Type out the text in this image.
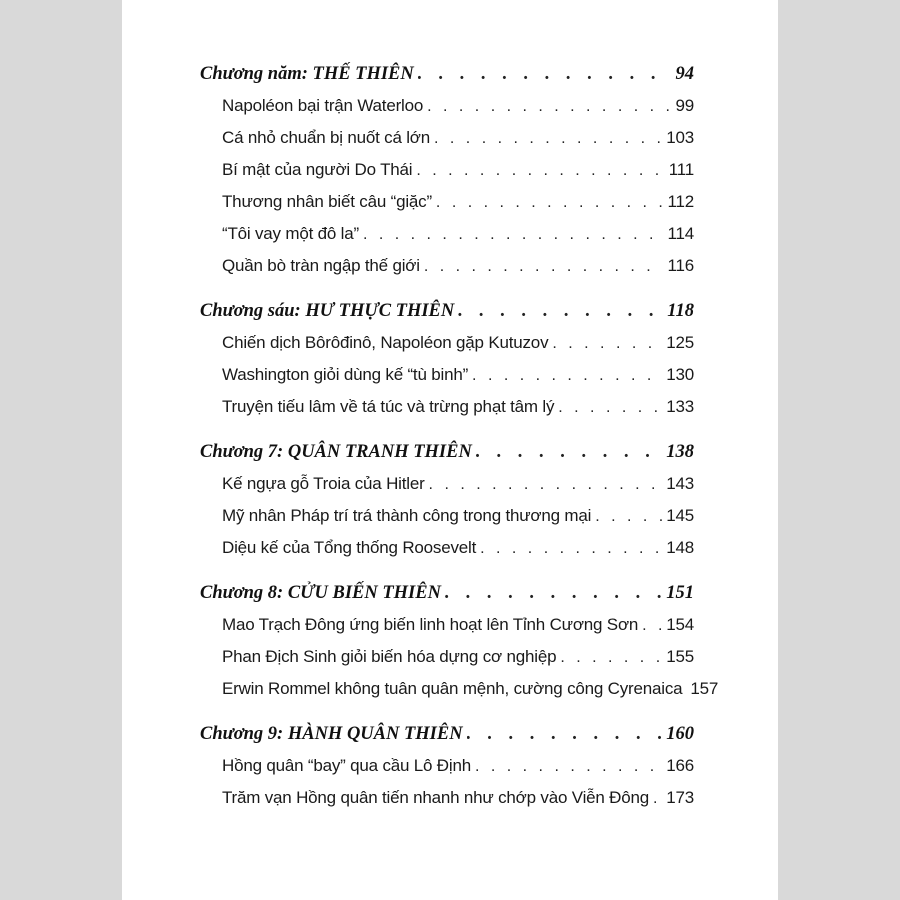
Chương năm: THẾ THIÊN . . .	94
Napoléon bại trận Waterloo . . .	99
Cá nhỏ chuẩn bị nuốt cá lớn . . .	103
Bí mật của người Do Thái . . .	111
Thương nhân biết câu “giặc” . . .	112
“Tôi vay một đô la” . . .	114
Quần bò tràn ngập thế giới . . .	116
Chương sáu: HƯ THỰC THIÊN . . .	118
Chiến dịch Bôrôđinô, Napoléon gặp Kutuzov . . .	125
Washington giỏi dùng kế “tù binh” . . .	130
Truyện tiếu lâm về tá túc và trừng phạt tâm lý . . .	133
Chương 7: QUÂN TRANH THIÊN . . .	138
Kế ngựa gỗ Troia của Hitler . . .	143
Mỹ nhân Pháp trí trá thành công trong thương mại . . .	145
Diệu kế của Tổng thống Roosevelt . . .	148
Chương 8: CỬU BIẾN THIÊN . . .	151
Mao Trạch Đông ứng biến linh hoạt lên Tỉnh Cương Sơn . . . 154
Phan Địch Sinh giỏi biến hóa dựng cơ nghiệp . . .	155
Erwin Rommel không tuân quân mệnh, cường công Cyrenaica 157
Chương 9: HÀNH QUÂN THIÊN . . .	160
Hồng quân “bay” qua cầu Lô Định . . .	166
Trăm vạn Hồng quân tiến nhanh như chớp vào Viễn Đông . . . 173
